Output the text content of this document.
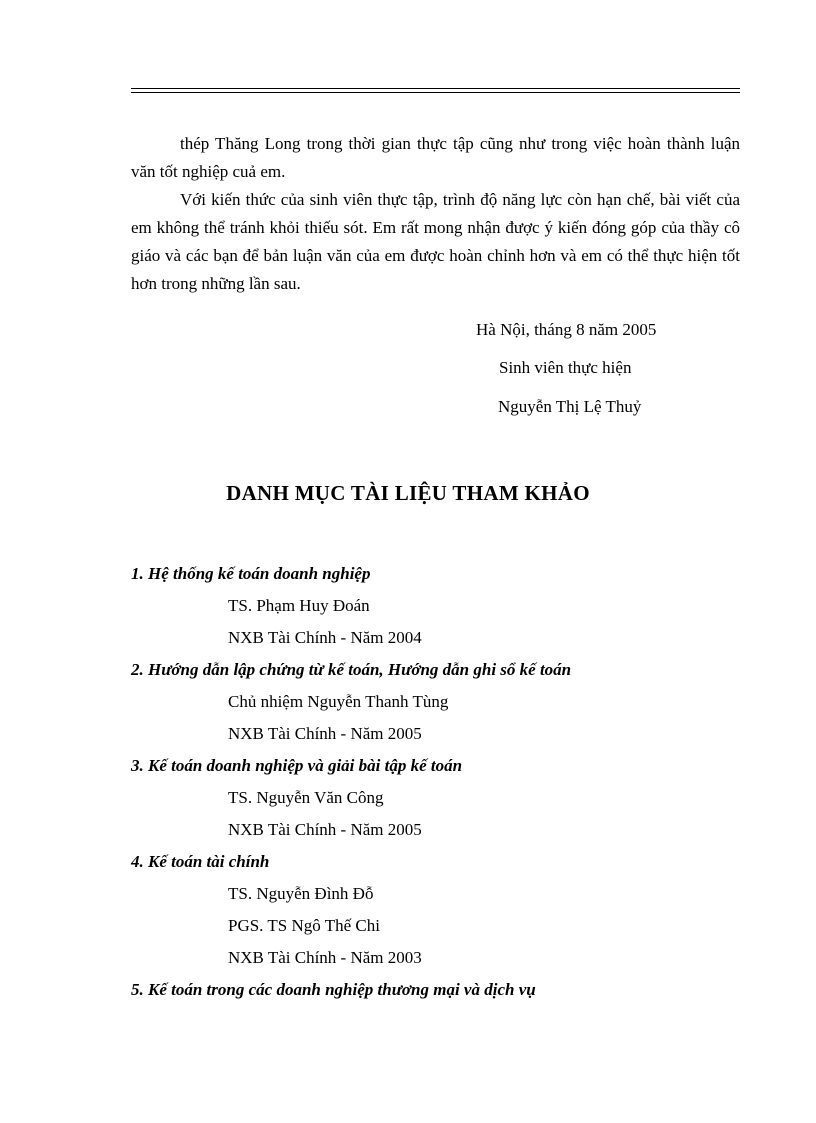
thép Thăng Long trong thời gian thực tập cũng như trong việc hoàn thành luận văn tốt nghiệp cuả em.

Với kiến thức của sinh viên thực tập, trình độ năng lực còn hạn chế, bài viết của em không thể tránh khỏi thiếu sót. Em rất mong nhận được ý kiến đóng góp của thầy cô giáo và các bạn để bản luận văn của em được hoàn chỉnh hơn và em có thể thực hiện tốt hơn trong những lần sau.

Hà Nội, tháng 8 năm 2005
Sinh viên thực hiện
Nguyễn Thị Lệ Thuỷ
DANH MỤC TÀI LIỆU THAM KHẢO
1. Hệ thống kế toán doanh nghiệp
TS. Phạm Huy Đoán
NXB Tài Chính - Năm 2004
2. Hướng dẫn lập chứng từ kế toán, Hướng dẫn ghi sổ kế toán
Chủ nhiệm Nguyễn Thanh Tùng
NXB Tài Chính - Năm 2005
3. Kế toán doanh nghiệp và giải bài tập kế toán
TS. Nguyễn Văn Công
NXB Tài Chính - Năm 2005
4. Kế toán tài chính
TS. Nguyễn Đình Đỗ
PGS. TS Ngô Thế Chi
NXB Tài Chính - Năm 2003
5. Kế toán trong các doanh nghiệp thương mại và dịch vụ
